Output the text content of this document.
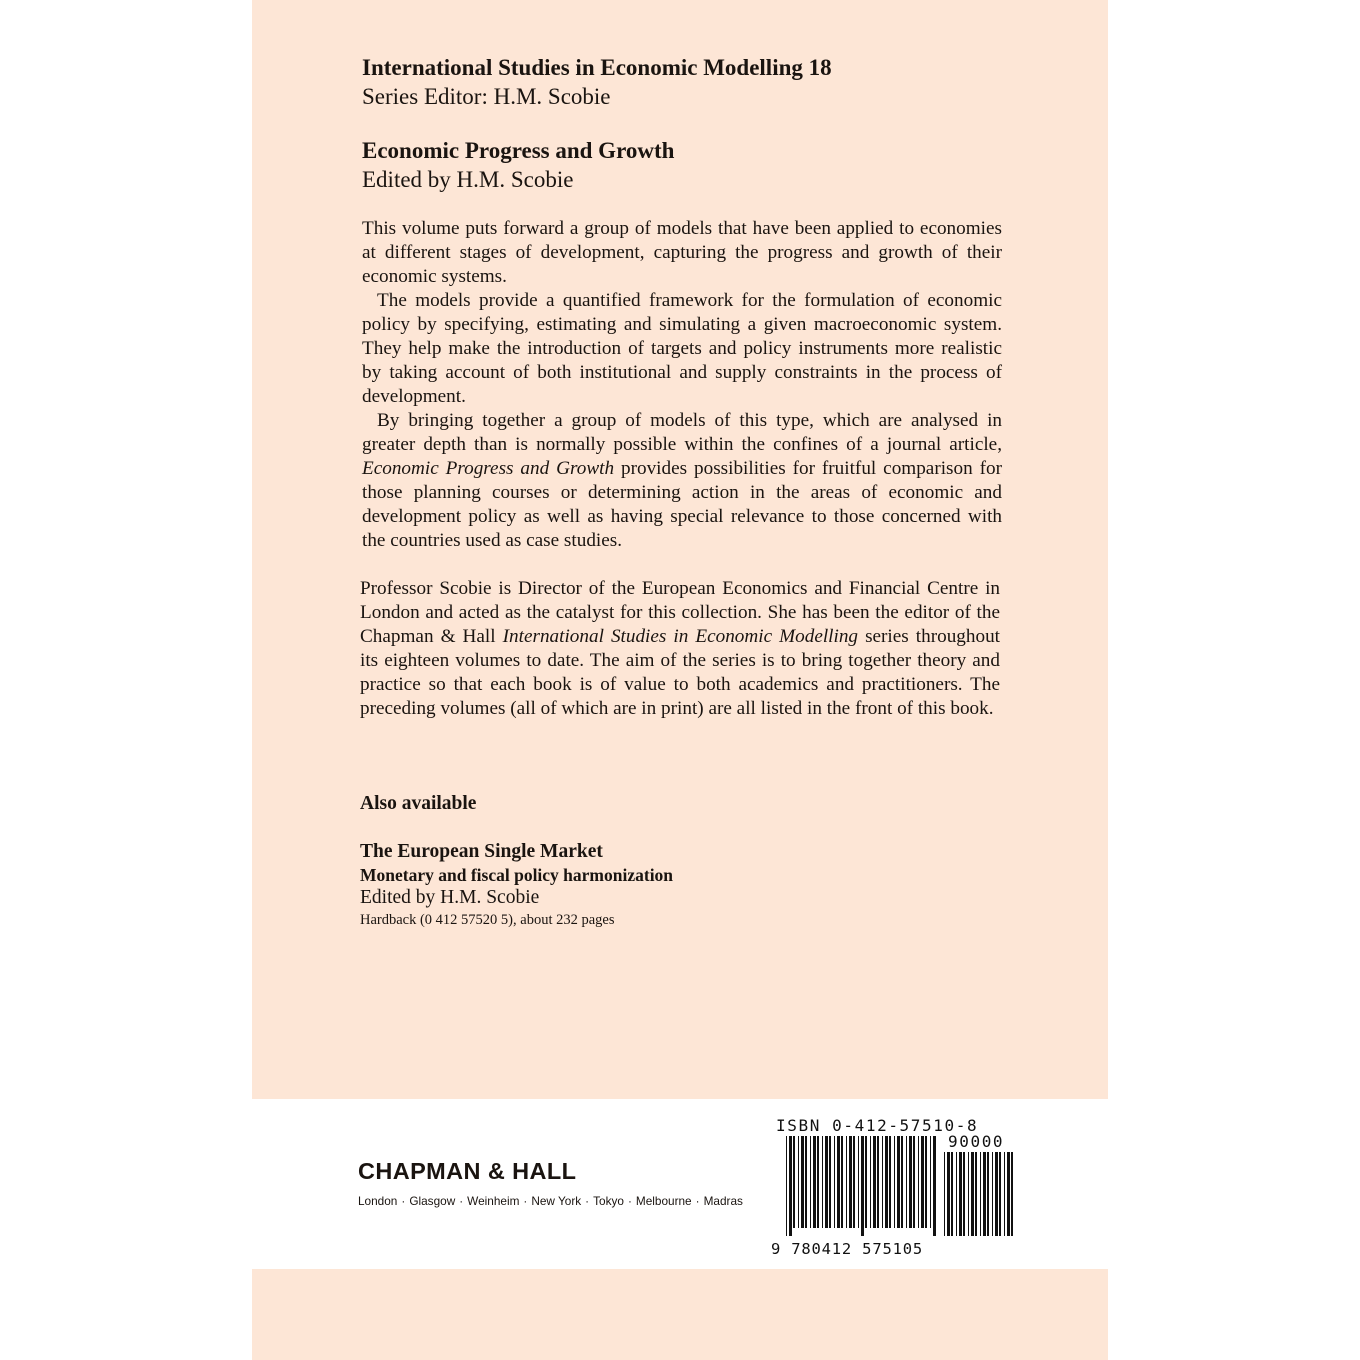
International Studies in Economic Modelling 18
Series Editor: H.M. Scobie
Economic Progress and Growth
Edited by H.M. Scobie

This volume puts forward a group of models that have been applied to economies at different stages of development, capturing the progress and growth of their economic systems.

The models provide a quantified framework for the formulation of economic policy by specifying, estimating and simulating a given macroeconomic system. They help make the introduction of targets and policy instruments more realistic by taking account of both institutional and supply constraints in the process of development.

By bringing together a group of models of this type, which are analysed in greater depth than is normally possible within the confines of a journal article, Economic Progress and Growth provides possibilities for fruitful comparison for those planning courses or determining action in the areas of economic and development policy as well as having special relevance to those concerned with the countries used as case studies.

Professor Scobie is Director of the European Economics and Financial Centre in London and acted as the catalyst for this collection. She has been the editor of the Chapman & Hall International Studies in Economic Modelling series throughout its eighteen volumes to date. The aim of the series is to bring together theory and practice so that each book is of value to both academics and practitioners. The preceding volumes (all of which are in print) are all listed in the front of this book.

Also available
The European Single Market
Monetary and fiscal policy harmonization
Edited by H.M. Scobie
Hardback (0 412 57520 5), about 232 pages
CHAPMAN & HALL
London · Glasgow · Weinheim · New York · Tokyo · Melbourne · Madras
ISBN 0-412-57510-8
90000
9 780412 575105
